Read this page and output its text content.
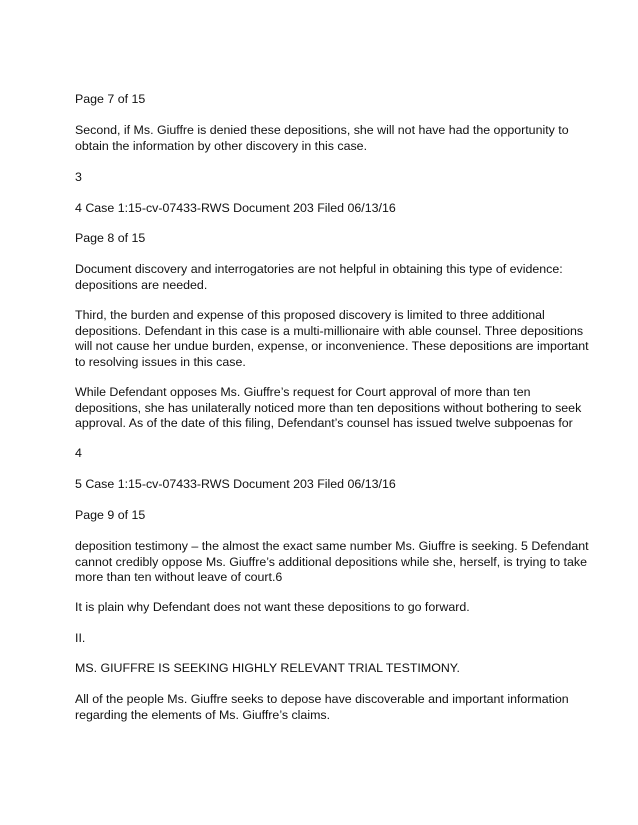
Page 7 of 15
Second, if Ms. Giuffre is denied these depositions, she will not have had the opportunity to
obtain the information by other discovery in this case.
3
4 Case 1:15-cv-07433-RWS Document 203 Filed 06/13/16
Page 8 of 15
Document discovery and interrogatories are not helpful in obtaining this type of evidence:
depositions are needed.
Third, the burden and expense of this proposed discovery is limited to three additional
depositions. Defendant in this case is a multi-millionaire with able counsel. Three depositions
will not cause her undue burden, expense, or inconvenience. These depositions are important
to resolving issues in this case.
While Defendant opposes Ms. Giuffre’s request for Court approval of more than ten
depositions, she has unilaterally noticed more than ten depositions without bothering to seek
approval. As of the date of this filing, Defendant’s counsel has issued twelve subpoenas for
4
5 Case 1:15-cv-07433-RWS Document 203 Filed 06/13/16
Page 9 of 15
deposition testimony – the almost the exact same number Ms. Giuffre is seeking. 5 Defendant
cannot credibly oppose Ms. Giuffre’s additional depositions while she, herself, is trying to take
more than ten without leave of court.6
It is plain why Defendant does not want these depositions to go forward.
II.
MS. GIUFFRE IS SEEKING HIGHLY RELEVANT TRIAL TESTIMONY.
All of the people Ms. Giuffre seeks to depose have discoverable and important information
regarding the elements of Ms. Giuffre’s claims.
